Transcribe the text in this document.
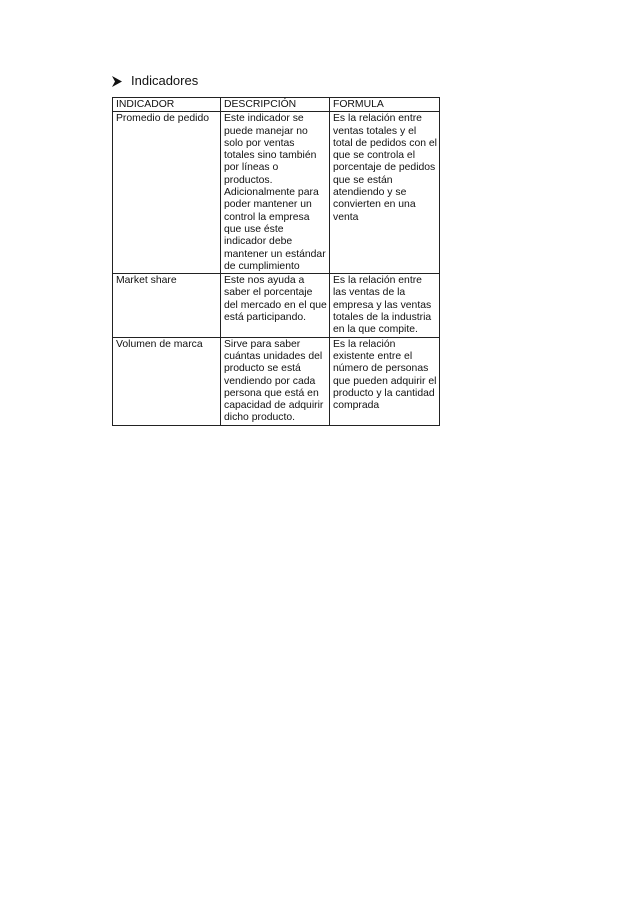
Indicadores
INDICADOR	DESCRIPCIÓN	FORMULA
Promedio de pedido	Este indicador se puede manejar no solo por ventas totales sino también por líneas o productos. Adicionalmente para poder mantener un control la empresa que use éste indicador debe mantener un estándar de cumplimiento	Es la relación entre ventas totales y el total de pedidos con el que se controla el porcentaje de pedidos que se están atendiendo y se convierten en una venta
Market share	Este nos ayuda a saber el porcentaje del mercado en el que está participando.	Es la relación entre las ventas de la empresa y las ventas totales de la industria en la que compite.
Volumen de marca	Sirve para saber cuántas unidades del producto se está vendiendo por cada persona que está en capacidad de adquirir dicho producto.	Es la relación existente entre el número de personas que pueden adquirir el producto y la cantidad comprada
